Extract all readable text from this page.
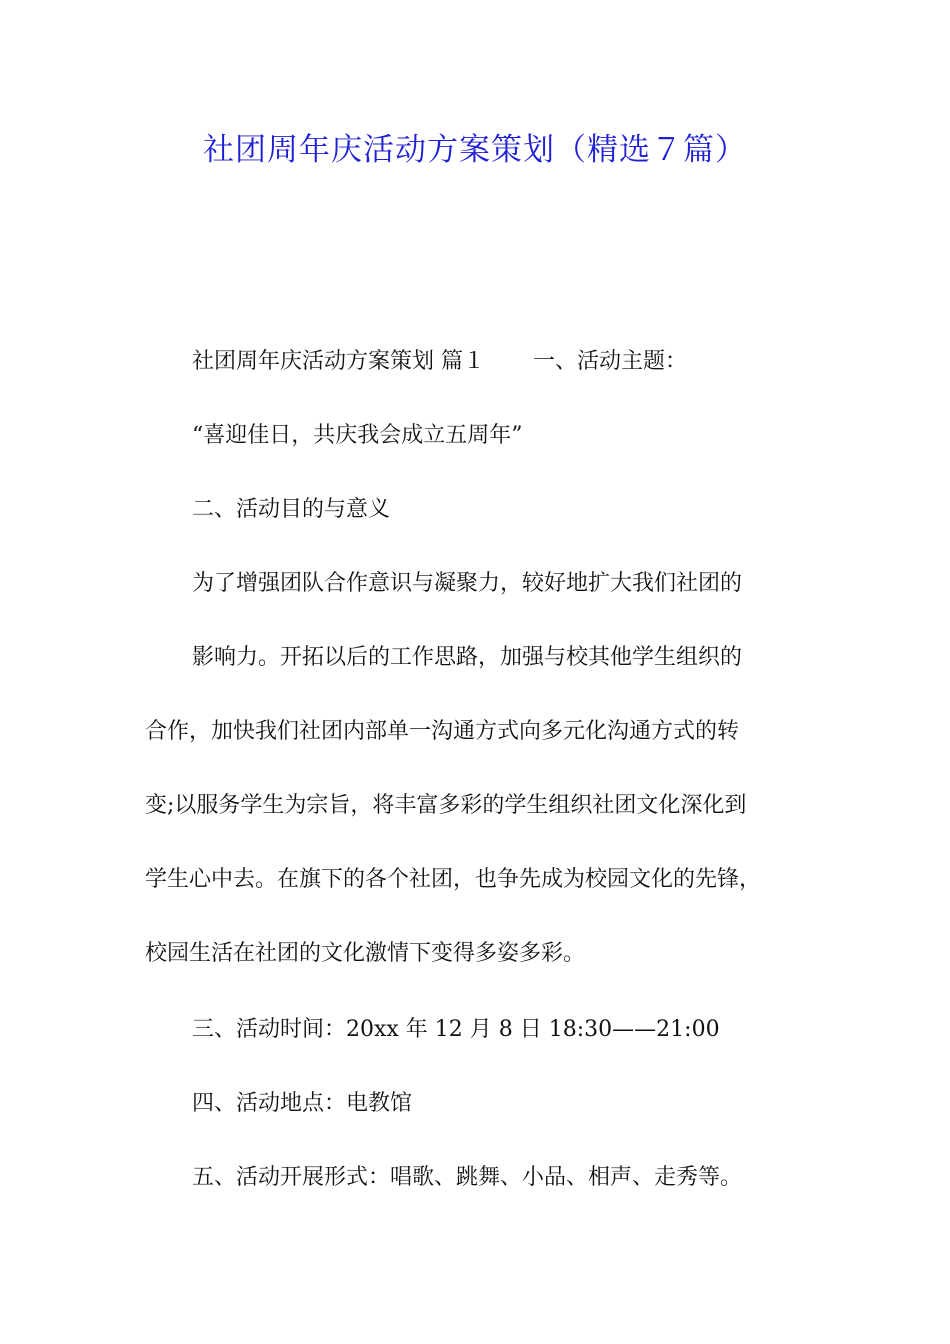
社团周年庆活动方案策划（精选７篇）
社团周年庆活动方案策划 篇１ 一、活动主题：
“喜迎佳日，共庆我会成立五周年”
二、活动目的与意义
为了增强团队合作意识与凝聚力，较好地扩大我们社团的
影响力。开拓以后的工作思路，加强与校其他学生组织的
合作，加快我们社团内部单一沟通方式向多元化沟通方式的转
变;以服务学生为宗旨，将丰富多彩的学生组织社团文化深化到
学生心中去。在旗下的各个社团，也争先成为校园文化的先锋，
校园生活在社团的文化激情下变得多姿多彩。
三、活动时间：20xx 年 12 月 8 日 18:30——21:00
四、活动地点：电教馆
五、活动开展形式：唱歌、跳舞、小品、相声、走秀等。
